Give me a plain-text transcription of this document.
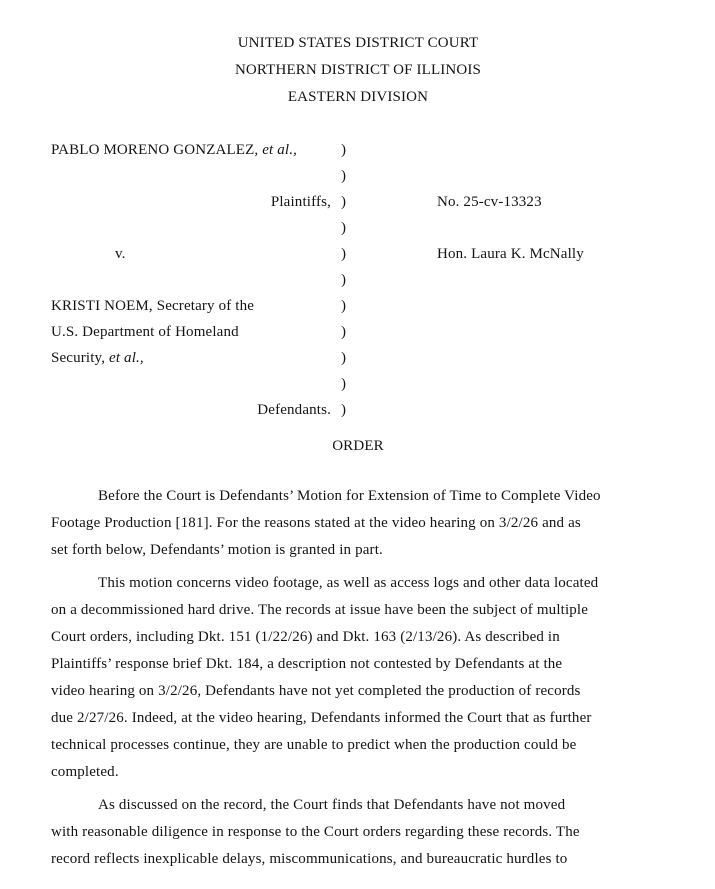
UNITED STATES DISTRICT COURT
NORTHERN DISTRICT OF ILLINOIS
EASTERN DIVISION
PABLO MORENO GONZALEZ, et al.,	)
)
Plaintiffs, )	No. 25-cv-13323
)
v.	)	Hon. Laura K. McNally
)
KRISTI NOEM, Secretary of the	)
U.S. Department of Homeland	)
Security, et al.,	)
)
Defendants. )
ORDER
Before the Court is Defendants’ Motion for Extension of Time to Complete Video
Footage Production [181]. For the reasons stated at the video hearing on 3/2/26 and as
set forth below, Defendants’ motion is granted in part.
This motion concerns video footage, as well as access logs and other data located
on a decommissioned hard drive. The records at issue have been the subject of multiple
Court orders, including Dkt. 151 (1/22/26) and Dkt. 163 (2/13/26). As described in
Plaintiffs’ response brief Dkt. 184, a description not contested by Defendants at the
video hearing on 3/2/26, Defendants have not yet completed the production of records
due 2/27/26. Indeed, at the video hearing, Defendants informed the Court that as further
technical processes continue, they are unable to predict when the production could be
completed.
As discussed on the record, the Court finds that Defendants have not moved
with reasonable diligence in response to the Court orders regarding these records. The
record reflects inexplicable delays, miscommunications, and bureaucratic hurdles to
